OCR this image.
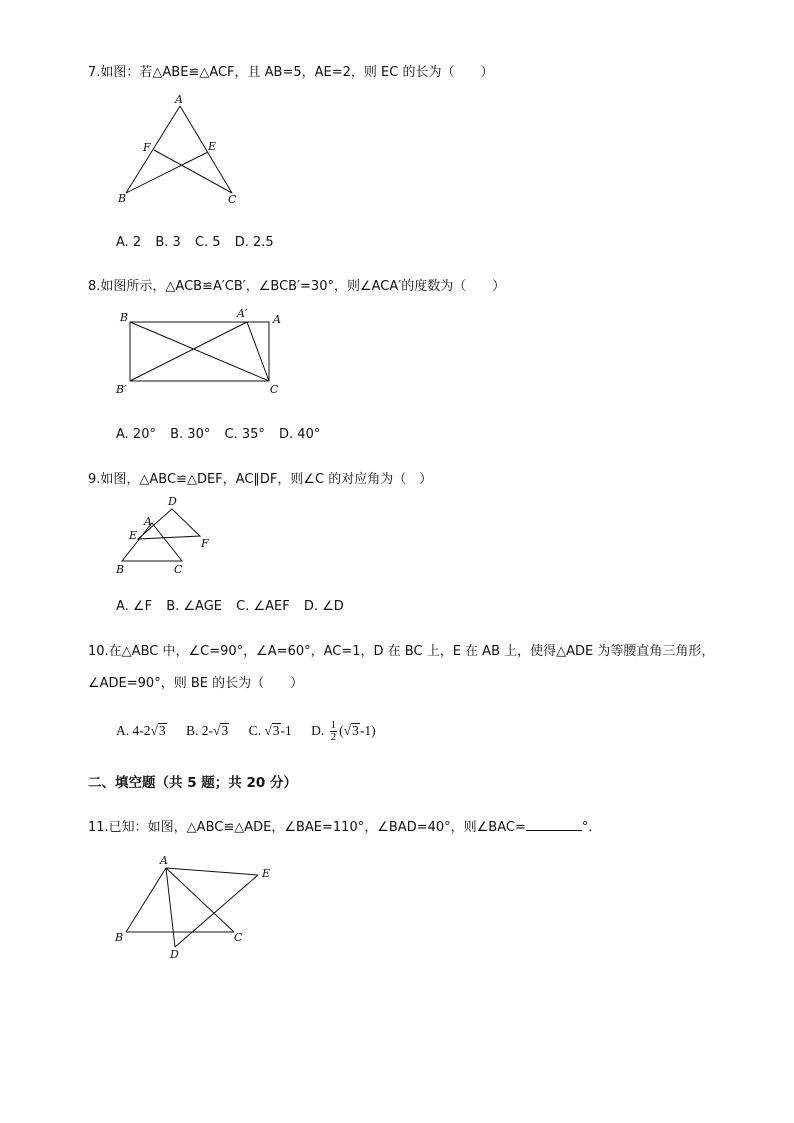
7.如图：若△ABE≌△ACF，且 AB=5，AE=2，则 EC 的长为（　　）
A
F	E
B	C
A. 2 B. 3 C. 5 D. 2.5
8.如图所示，△ACB≌A′CB′，∠BCB′=30°，则∠ACA′的度数为（　　）
B	A′ A
B′	C
A. 20° B. 30° C. 35° D. 40°
9.如图，△ABC≌△DEF，AC∥DF，则∠C 的对应角为（　）
D
A
E
F
B	C
A. ∠F B. ∠AGE C. ∠AEF D. ∠D
10.在△ABC 中，∠C=90°，∠A=60°，AC=1，D 在 BC 上，E 在 AB 上，使得△ADE 为等腰直角三角形，
∠ADE=90°，则 BE 的长为（　　）
A. 4-2√3 B. 2-√3 C. √3-1 D. $\frac{1}{2} (√3-1)$
二、填空题（共 5 题；共 20 分）
11.已知：如图，△ABC≌△ADE，∠BAE=110°，∠BAD=40°，则∠BAC=	°．
A
E
B	C
D
